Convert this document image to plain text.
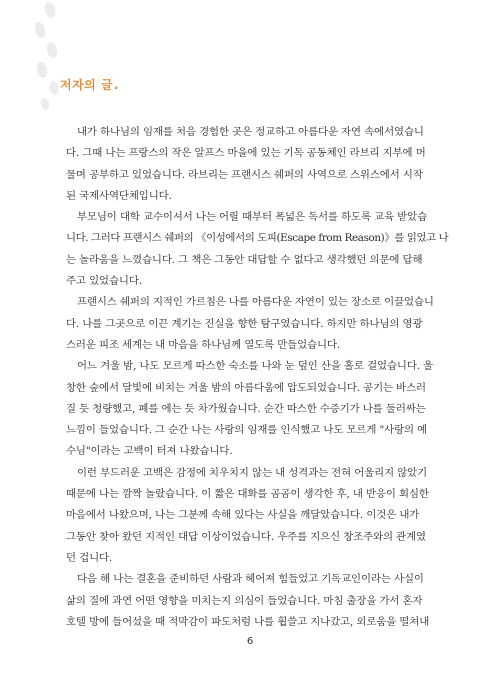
저자의 글.
내가 하나님의 임재를 처음 경험한 곳은 정교하고 아름다운 자연 속에서였습니
다. 그때 나는 프랑스의 작은 알프스 마을에 있는 기독 공동체인 라브리 지부에 머
물며 공부하고 있었습니다. 라브리는 프랜시스 쉐퍼의 사역으로 스위스에서 시작
된 국제사역단체입니다.
부모님이 대학 교수이셔서 나는 어릴 때부터 폭넓은 독서를 하도록 교육 받았습
니다. 그러다 프랜시스 쉐퍼의 《이성에서의 도피(Escape from Reason)》를 읽었고 나
는 놀라움을 느꼈습니다. 그 책은 그동안 대답할 수 없다고 생각했던 의문에 답해
주고 있었습니다.
프랜시스 쉐퍼의 지적인 가르침은 나를 아름다운 자연이 있는 장소로 이끌었습니
다. 나를 그곳으로 이끈 계기는 진실을 향한 탐구였습니다. 하지만 하나님의 영광
스러운 피조 세계는 내 마음을 하나님께 열도록 만들었습니다.
어느 겨울 밤, 나도 모르게 따스한 숙소를 나와 눈 덮인 산을 홀로 걸었습니다. 울
창한 숲에서 달빛에 비치는 겨울 밤의 아름다움에 압도되었습니다. 공기는 바스러
질 듯 청량했고, 폐를 에는 듯 차가웠습니다. 순간 따스한 수증기가 나를 둘러싸는
느낌이 들었습니다. 그 순간 나는 사랑의 임재를 인식했고 나도 모르게 "사랑의 예
수님"이라는 고백이 터져 나왔습니다.
이런 부드러운 고백은 감정에 치우치지 않는 내 성격과는 전혀 어울리지 않았기
때문에 나는 깜짝 놀랐습니다. 이 짧은 대화를 곰곰이 생각한 후, 내 반응이 회심한
마음에서 나왔으며, 나는 그분께 속해 있다는 사실을 깨달았습니다. 이것은 내가
그동안 찾아 왔던 지적인 대답 이상이었습니다. 우주를 지으신 창조주와의 관계였
던 겁니다.
다음 해 나는 결혼을 준비하던 사람과 헤어져 힘들었고 기독교인이라는 사실이
삶의 질에 과연 어떤 영향을 미치는지 의심이 들었습니다. 마침 출장을 가서 혼자
호텔 방에 들어섰을 때 적막감이 파도처럼 나를 휩쓸고 지나갔고, 외로움을 떨쳐내
6
